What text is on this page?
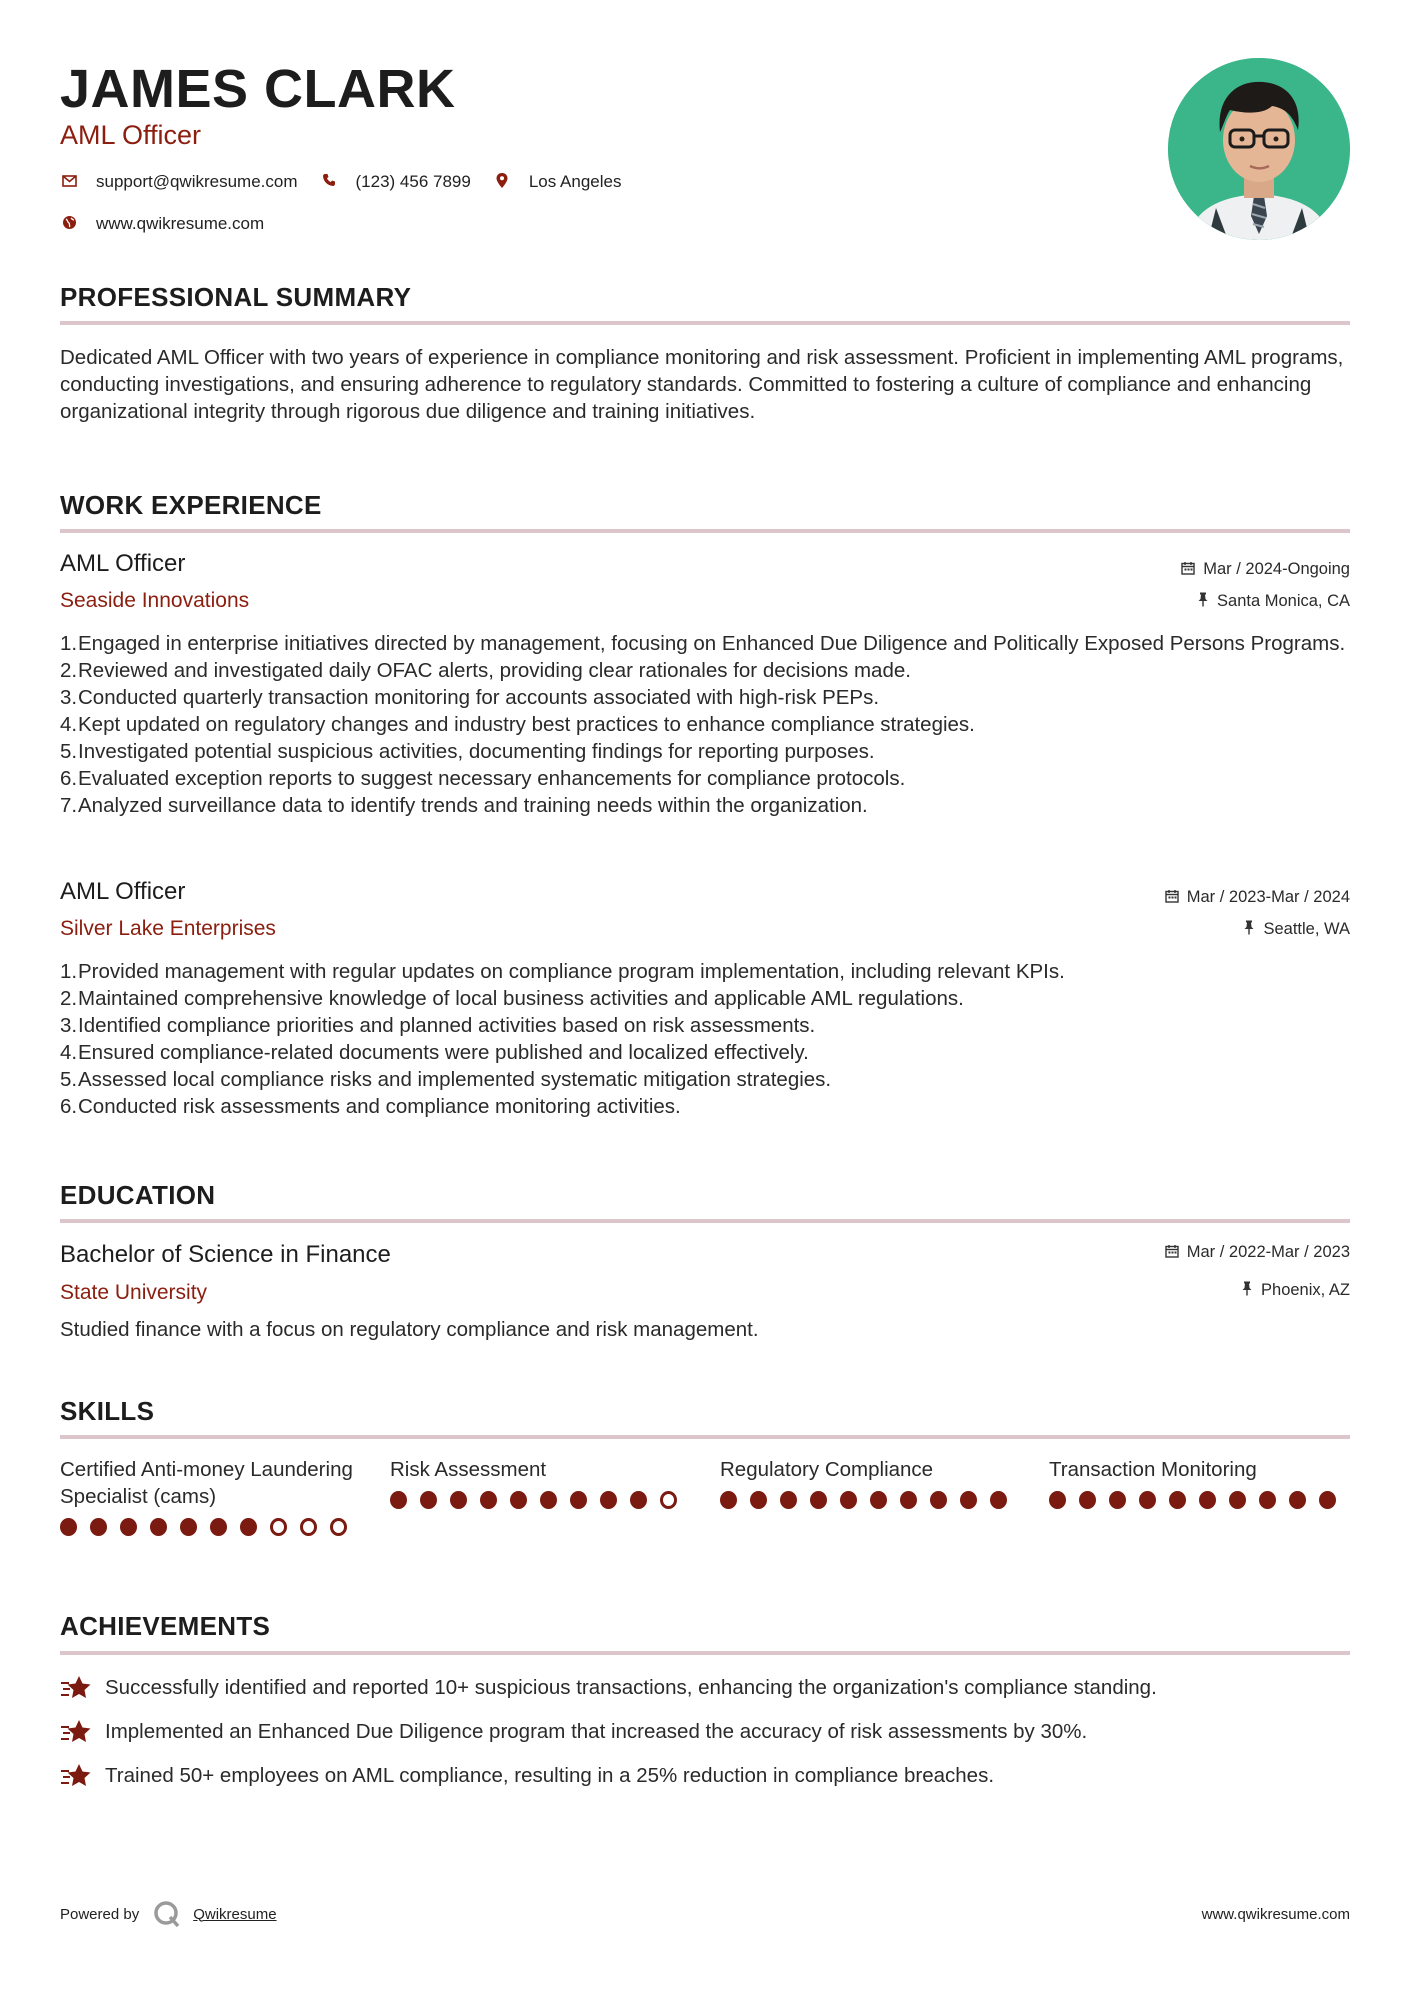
JAMES CLARK
AML Officer
support@qwikresume.com	(123) 456 7899	Los Angeles
www.qwikresume.com
PROFESSIONAL SUMMARY
Dedicated AML Officer with two years of experience in compliance monitoring and risk assessment. Proficient in implementing AML programs, conducting investigations, and ensuring adherence to regulatory standards. Committed to fostering a culture of compliance and enhancing organizational integrity through rigorous due diligence and training initiatives.
WORK EXPERIENCE
AML Officer	Mar / 2024-Ongoing
Seaside Innovations	Santa Monica, CA
1. Engaged in enterprise initiatives directed by management, focusing on Enhanced Due Diligence and Politically Exposed Persons Programs.
2. Reviewed and investigated daily OFAC alerts, providing clear rationales for decisions made.
3. Conducted quarterly transaction monitoring for accounts associated with high-risk PEPs.
4. Kept updated on regulatory changes and industry best practices to enhance compliance strategies.
5. Investigated potential suspicious activities, documenting findings for reporting purposes.
6. Evaluated exception reports to suggest necessary enhancements for compliance protocols.
7. Analyzed surveillance data to identify trends and training needs within the organization.
AML Officer	Mar / 2023-Mar / 2024
Silver Lake Enterprises	Seattle, WA
1. Provided management with regular updates on compliance program implementation, including relevant KPIs.
2. Maintained comprehensive knowledge of local business activities and applicable AML regulations.
3. Identified compliance priorities and planned activities based on risk assessments.
4. Ensured compliance-related documents were published and localized effectively.
5. Assessed local compliance risks and implemented systematic mitigation strategies.
6. Conducted risk assessments and compliance monitoring activities.
EDUCATION
Bachelor of Science in Finance	Mar / 2022-Mar / 2023
State University	Phoenix, AZ
Studied finance with a focus on regulatory compliance and risk management.
SKILLS
Certified Anti-money Laundering Specialist (cams)
Risk Assessment	Regulatory Compliance	Transaction Monitoring
ACHIEVEMENTS
Successfully identified and reported 10+ suspicious transactions, enhancing the organization's compliance standing.
Implemented an Enhanced Due Diligence program that increased the accuracy of risk assessments by 30%.
Trained 50+ employees on AML compliance, resulting in a 25% reduction in compliance breaches.
Powered by	Qwikresume	www.qwikresume.com
